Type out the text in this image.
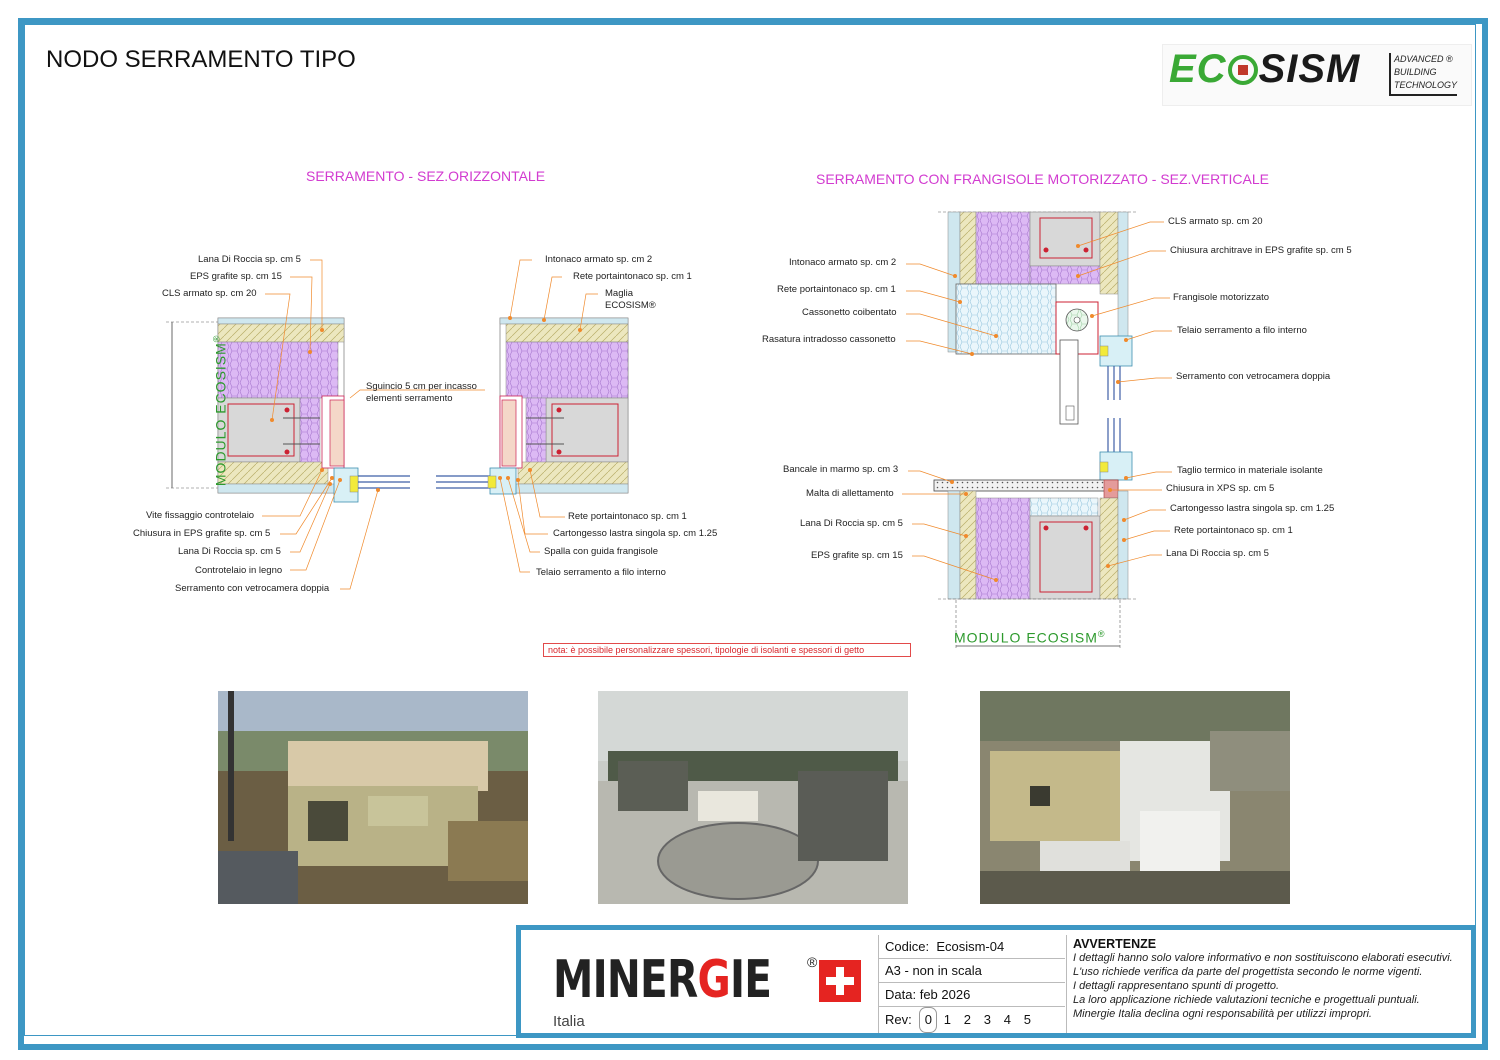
NODO SERRAMENTO TIPO	EC SISM	ADVANCED ®
BUILDING
TECHNOLOGY
SERRAMENTO - SEZ.ORIZZONTALE	SERRAMENTO CON FRANGISOLE MOTORIZZATO - SEZ.VERTICALE
Lana Di Roccia sp. cm 5
EPS grafite sp. cm 15
CLS armato sp. cm 20
Intonaco armato sp. cm 2
Rete portaintonaco sp. cm 1
Maglia
ECOSISM®
Sguincio 5 cm per incasso
elementi serramento
Vite fissaggio controtelaio
Chiusura in EPS grafite sp. cm 5
Lana Di Roccia sp. cm 5
Controtelaio in legno
Serramento con vetrocamera doppia
Rete portaintonaco sp. cm 1
Cartongesso lastra singola sp. cm 1.25
Spalla con guida frangisole
Telaio serramento a filo interno
MODULO ECOSISM®
Intonaco armato sp. cm 2
Rete portaintonaco sp. cm 1
Cassonetto coibentato
Rasatura intradosso cassonetto
Bancale in marmo sp. cm 3
Malta di allettamento
Lana Di Roccia sp. cm 5
EPS grafite sp. cm 15
CLS armato sp. cm 20
Chiusura architrave in EPS grafite sp. cm 5
Frangisole motorizzato
Telaio serramento a filo interno
Serramento con vetrocamera doppia
Taglio termico in materiale isolante
Chiusura in XPS sp. cm 5
Cartongesso lastra singola sp. cm 1.25
Rete portaintonaco sp. cm 1
Lana Di Roccia sp. cm 5
MODULO ECOSISM®
nota: è possibile personalizzare spessori, tipologie di isolanti e spessori di getto
MINERGIE	®
Italia
Codice: Ecosism-04
A3 - non in scala
Data: feb 2026
Rev: 0 1 2 3 4 5
AVVERTENZE
I dettagli hanno solo valore informativo e non sostituiscono elaborati esecutivi.
L'uso richiede verifica da parte del progettista secondo le norme vigenti.
I dettagli rappresentano spunti di progetto.
La loro applicazione richiede valutazioni tecniche e progettuali puntuali.
Minergie Italia declina ogni responsabilità per utilizzi impropri.
